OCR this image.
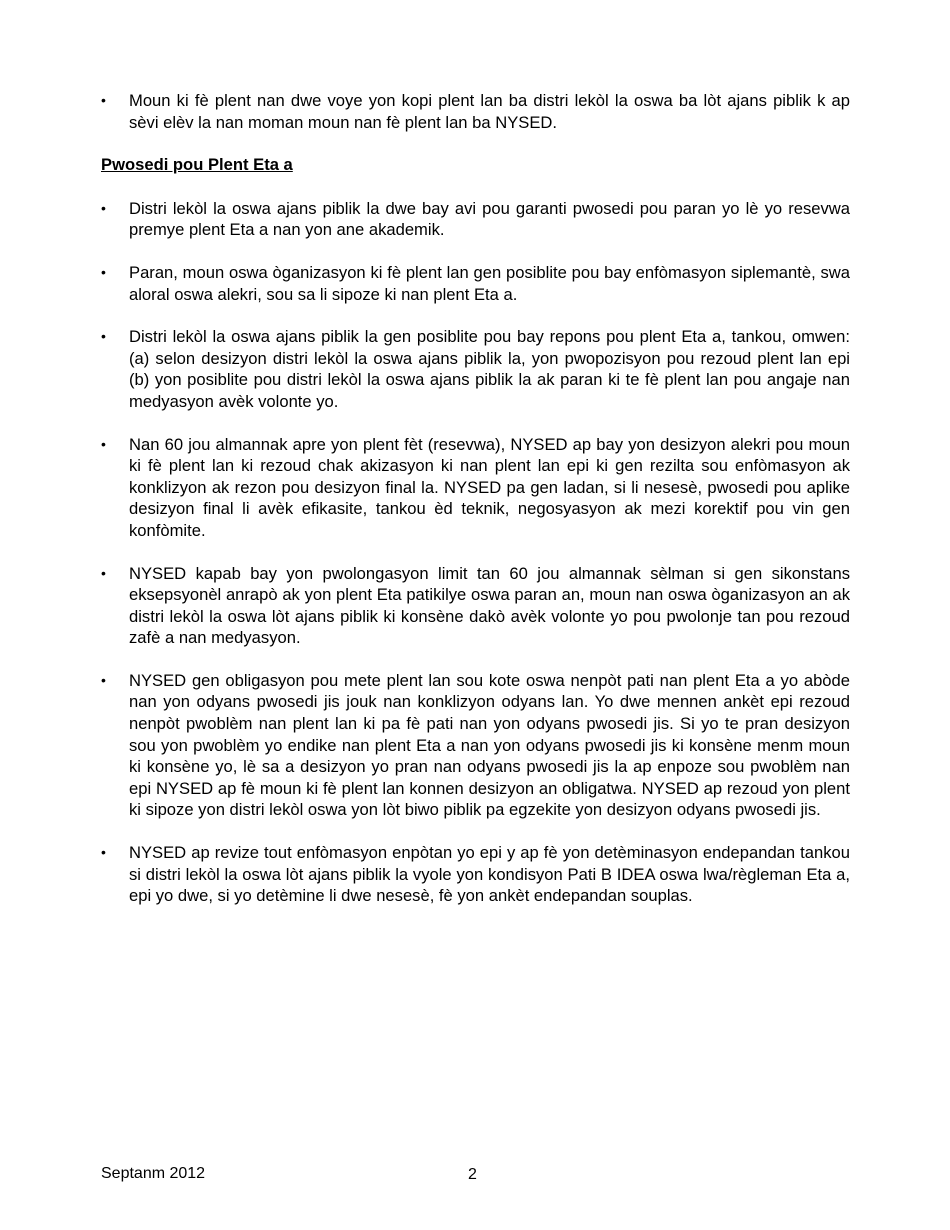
•	Moun ki fè plent nan dwe voye yon kopi plent lan ba distri lekòl la oswa ba lòt ajans piblik k ap sèvi elèv la nan moman moun nan fè plent lan ba NYSED.
Pwosedi pou Plent Eta a
•	Distri lekòl la oswa ajans piblik la dwe bay avi pou garanti pwosedi pou paran yo lè yo resevwa premye plent Eta a nan yon ane akademik.
•	Paran, moun oswa òganizasyon ki fè plent lan gen posiblite pou bay enfòmasyon siplemantè, swa aloral oswa alekri, sou sa li sipoze ki nan plent Eta a.
•	Distri lekòl la oswa ajans piblik la gen posiblite pou bay repons pou plent Eta a, tankou, omwen: (a) selon desizyon distri lekòl la oswa ajans piblik la, yon pwopozisyon pou rezoud plent lan epi (b) yon posiblite pou distri lekòl la oswa ajans piblik la ak paran ki te fè plent lan pou angaje nan medyasyon avèk volonte yo.
•	Nan 60 jou almannak apre yon plent fèt (resevwa), NYSED ap bay yon desizyon alekri pou moun ki fè plent lan ki rezoud chak akizasyon ki nan plent lan epi ki gen rezilta sou enfòmasyon ak konklizyon ak rezon pou desizyon final la. NYSED pa gen ladan, si li nesesè, pwosedi pou aplike desizyon final li avèk efikasite, tankou èd teknik, negosyasyon ak mezi korektif pou vin gen konfòmite.
•	NYSED kapab bay yon pwolongasyon limit tan 60 jou almannak sèlman si gen sikonstans eksepsyonèl anrapò ak yon plent Eta patikilye oswa paran an, moun nan oswa òganizasyon an ak distri lekòl la oswa lòt ajans piblik ki konsène dakò avèk volonte yo pou pwolonje tan pou rezoud zafè a nan medyasyon.
•	NYSED gen obligasyon pou mete plent lan sou kote oswa nenpòt pati nan plent Eta a yo abòde nan yon odyans pwosedi jis jouk nan konklizyon odyans lan. Yo dwe mennen ankèt epi rezoud nenpòt pwoblèm nan plent lan ki pa fè pati nan yon odyans pwosedi jis. Si yo te pran desizyon sou yon pwoblèm yo endike nan plent Eta a nan yon odyans pwosedi jis ki konsène menm moun ki konsène yo, lè sa a desizyon yo pran nan odyans pwosedi jis la ap enpoze sou pwoblèm nan epi NYSED ap fè moun ki fè plent lan konnen desizyon an obligatwa. NYSED ap rezoud yon plent ki sipoze yon distri lekòl oswa yon lòt biwo piblik pa egzekite yon desizyon odyans pwosedi jis.
•	NYSED ap revize tout enfòmasyon enpòtan yo epi y ap fè yon detèminasyon endepandan tankou si distri lekòl la oswa lòt ajans piblik la vyole yon kondisyon Pati B IDEA oswa lwa/règleman Eta a, epi yo dwe, si yo detèmine li dwe nesesè, fè yon ankèt endepandan souplas.
Septanm 2012	2
